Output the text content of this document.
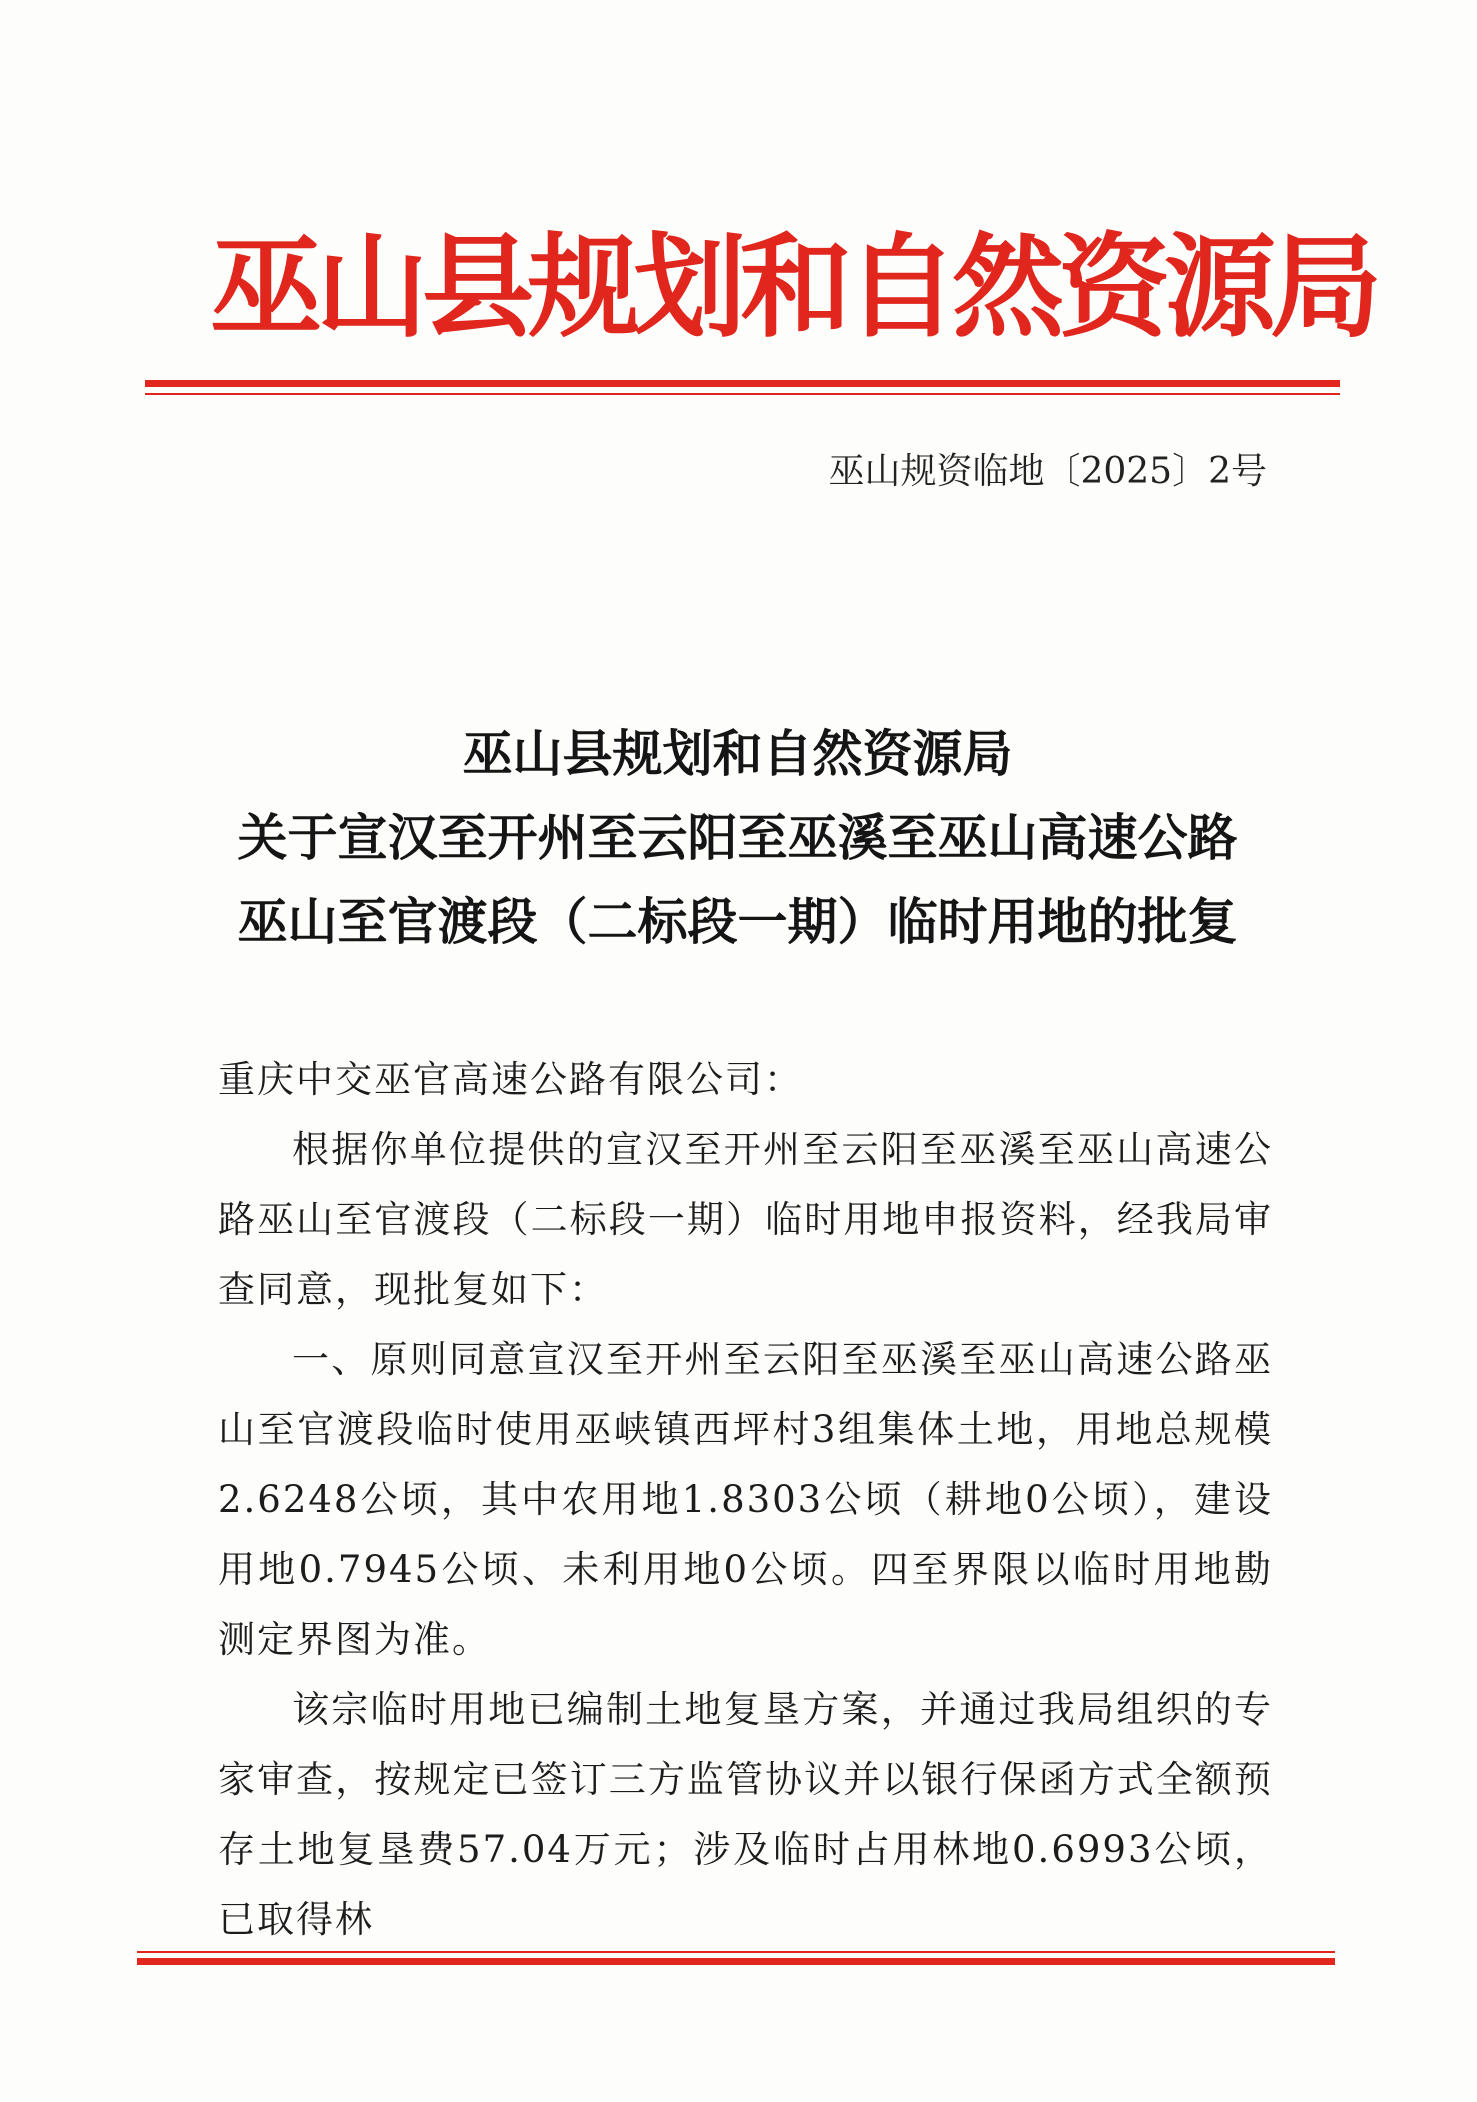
巫山县规划和自然资源局
巫山规资临地〔2025〕2号
巫山县规划和自然资源局
关于宣汉至开州至云阳至巫溪至巫山高速公路
巫山至官渡段（二标段一期）临时用地的批复

重庆中交巫官高速公路有限公司：

根据你单位提供的宣汉至开州至云阳至巫溪至巫山高速公路巫山至官渡段（二标段一期）临时用地申报资料，经我局审查同意，现批复如下：

一、原则同意宣汉至开州至云阳至巫溪至巫山高速公路巫山至官渡段临时使用巫峡镇西坪村3组集体土地，用地总规模2.6248公顷，其中农用地1.8303公顷（耕地0公顷），建设用地0.7945公顷、未利用地0公顷。四至界限以临时用地勘测定界图为准。

该宗临时用地已编制土地复垦方案，并通过我局组织的专家审查，按规定已签订三方监管协议并以银行保函方式全额预存土地复垦费57.04万元；涉及临时占用林地0.6993公顷，已取得林
